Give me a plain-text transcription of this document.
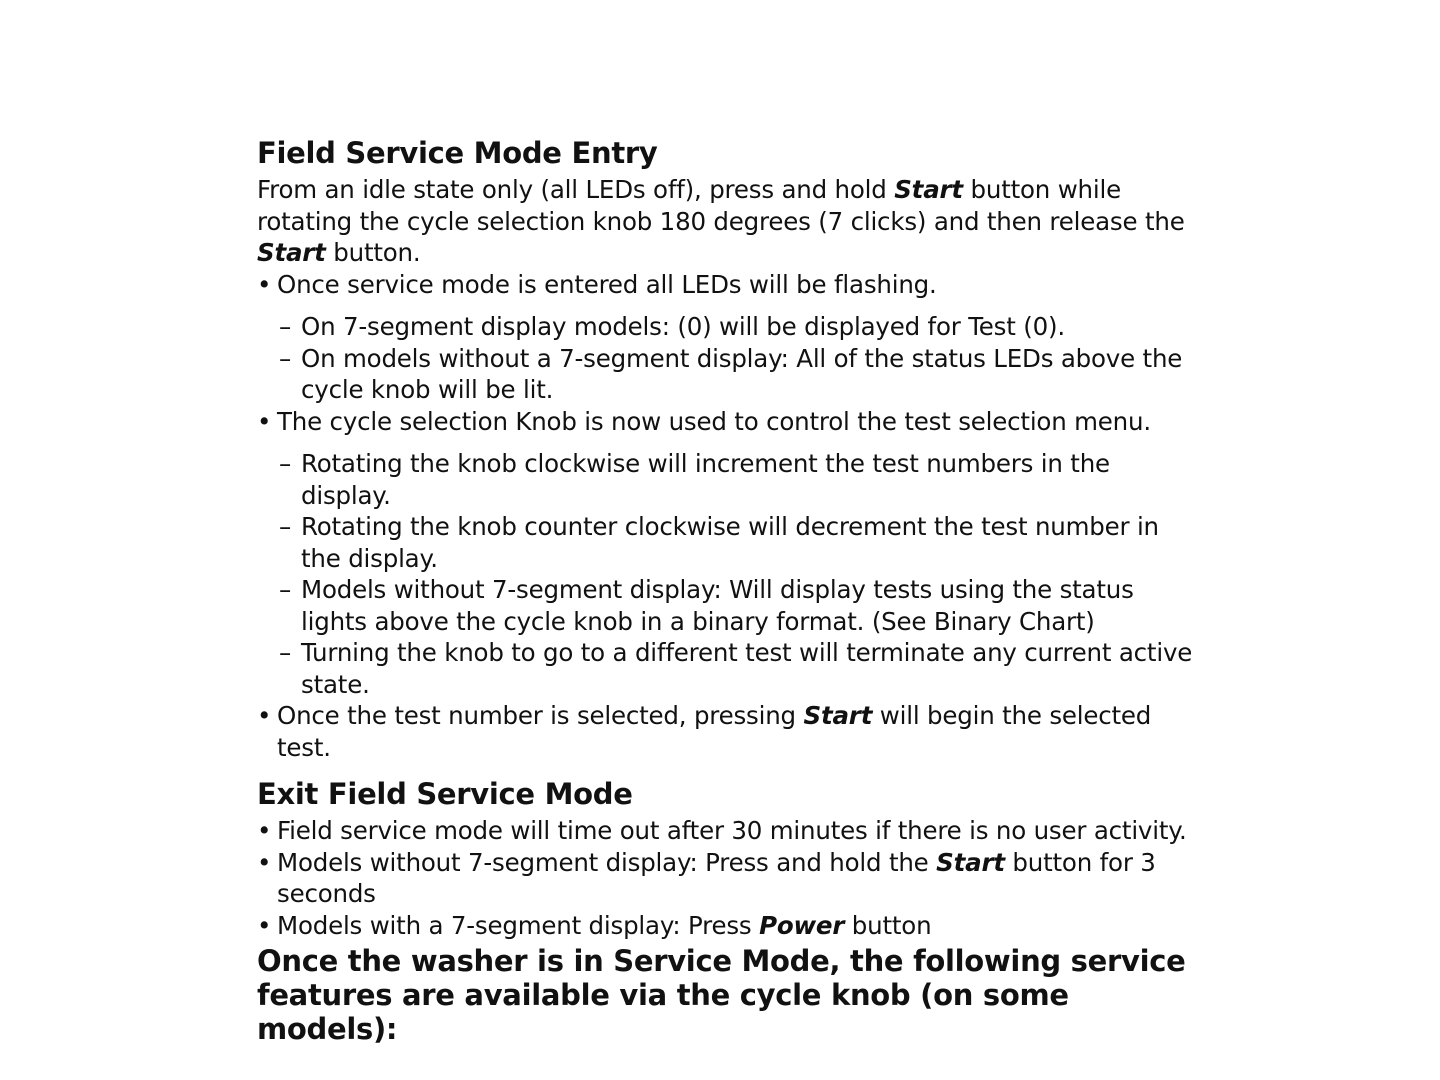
Field Service Mode Entry

From an idle state only (all LEDs off), press and hold Start button while rotating the cycle selection knob 180 degrees (7 clicks) and then release the Start button.

• Once service mode is entered all LEDs will be flashing.
– On 7-segment display models: (0) will be displayed for Test (0).
– On models without a 7-segment display: All of the status LEDs above the cycle knob will be lit.
• The cycle selection Knob is now used to control the test selection menu.
– Rotating the knob clockwise will increment the test numbers in the display.
– Rotating the knob counter clockwise will decrement the test number in the display.
– Models without 7-segment display: Will display tests using the status lights above the cycle knob in a binary format. (See Binary Chart)
– Turning the knob to go to a different test will terminate any current active state.
• Once the test number is selected, pressing Start will begin the selected test.
Exit Field Service Mode
• Field service mode will time out after 30 minutes if there is no user activity.
• Models without 7-segment display: Press and hold the Start button for 3 seconds
• Models with a 7-segment display: Press Power button

Once the washer is in Service Mode, the following service features are available via the cycle knob (on some models):
